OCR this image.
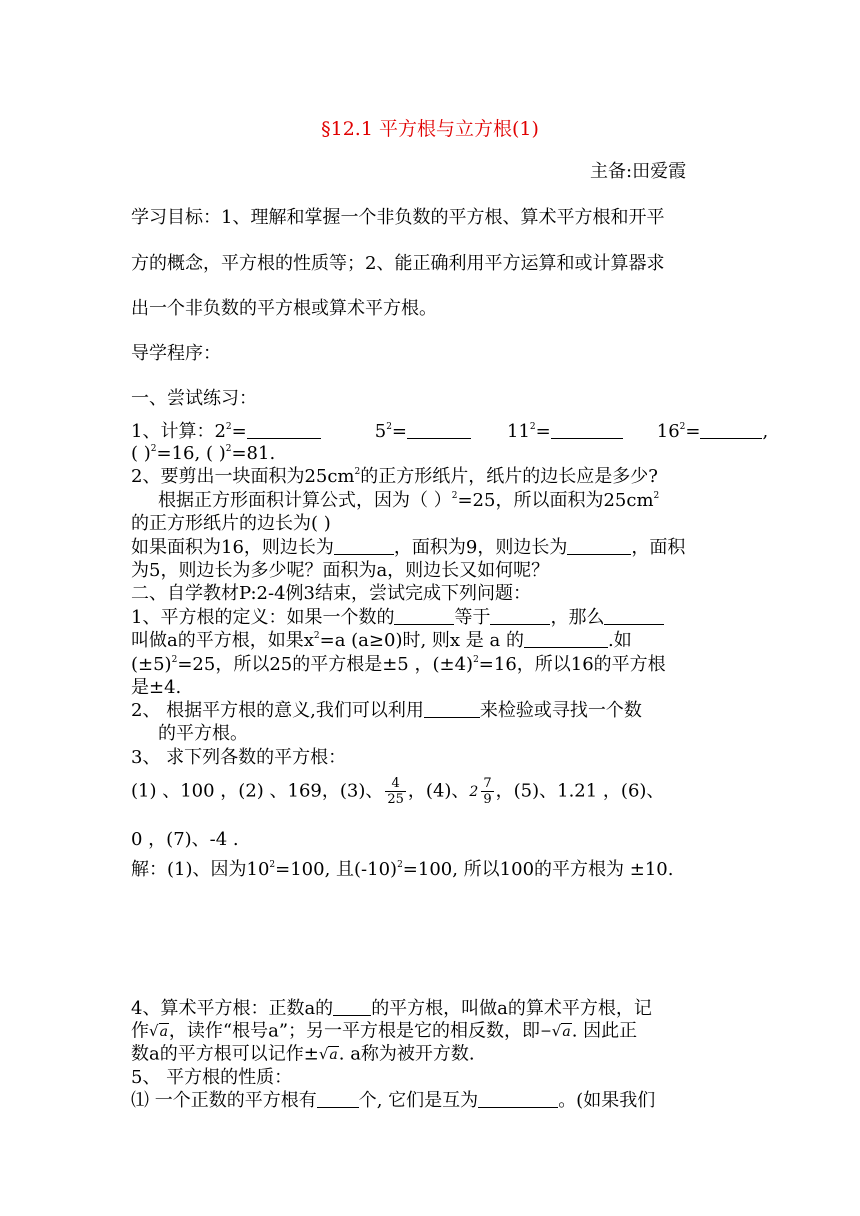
§12.1 平方根与立方根(1)
主备:田爱霞
学习目标：1、理解和掌握一个非负数的平方根、算术平方根和开平
方的概念，平方根的性质等；2、能正确利用平方运算和或计算器求
出一个非负数的平方根或算术平方根。
导学程序：
一、尝试练习：
1、计算：$2^2=$	$5^2=$	$11^2=$	$16^2=$	,
( )$^2$=16, ( )$^2$=81.
2、要剪出一块面积为$25cm^2$的正方形纸片，纸片的边长应是多少?
根据正方形面积计算公式，因为（ ）$^2$=25，所以面积为$25cm^2$
的正方形纸片的边长为( )
如果面积为16，则边长为	，面积为9，则边长为	，面积
为5，则边长为多少呢？面积为a，则边长又如何呢？
二、自学教材P:2-4例3结束，尝试完成下列问题：
1、平方根的定义：如果一个数的	等于	，那么
叫做a的平方根，如果$x^2=a$ (a≥0)时, 则x 是 a 的	.如
$(\pm 5)^2=25$，所以25的平方根是±5 ，$(\pm 4)^2=16$，所以16的平方根
是±4.
2、 根据平方根的意义,我们可以利用	来检验或寻找一个数
的平方根。
3、 求下列各数的平方根：
(1) 、100 ，(2) 、169，(3)、 $\frac{4}{25}$ ，(4)、 $2 \frac{7}{9}$ ，(5)、1.21 ，(6)、
0 ，(7)、-4 .
解：(1)、因为$10^2=100$, 且$(-10)^2=100$, 所以100的平方根为 ±10.
4、算术平方根：正数a的 的平方根，叫做a的算术平方根，记
作√a，读作“根号a”；另一平方根是它的相反数，即−√a. 因此正
数a的平方根可以记作±√a. a称为被开方数.
5、 平方根的性质：
⑴ 一个正数的平方根有 个, 它们是互为	。(如果我们
